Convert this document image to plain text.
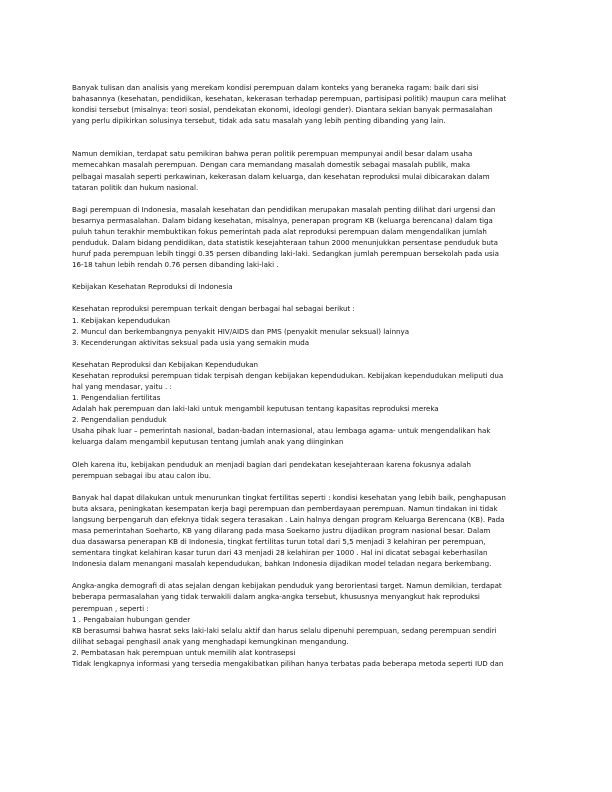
Banyak tulisan dan analisis yang merekam kondisi perempuan dalam konteks yang beraneka ragam: baik dari sisi
bahasannya (kesehatan, pendidikan, kesehatan, kekerasan terhadap perempuan, partisipasi politik) maupun cara melihat
kondisi tersebut (misalnya: teori sosial, pendekatan ekonomi, ideologi gender). Diantara sekian banyak permasalahan
yang perlu dipikirkan solusinya tersebut, tidak ada satu masalah yang lebih penting dibanding yang lain.

Namun demikian, terdapat satu pemikiran bahwa peran politik perempuan mempunyai andil besar dalam usaha
memecahkan masalah perempuan. Dengan cara memandang masalah domestik sebagai masalah publik, maka
pelbagai masalah seperti perkawinan, kekerasan dalam keluarga, dan kesehatan reproduksi mulai dibicarakan dalam
tataran politik dan hukum nasional.

Bagi perempuan di Indonesia, masalah kesehatan dan pendidikan merupakan masalah penting dilihat dari urgensi dan
besarnya permasalahan. Dalam bidang kesehatan, misalnya, penerapan program KB (keluarga berencana) dalam tiga
puluh tahun terakhir membuktikan fokus pemerintah pada alat reproduksi perempuan dalam mengendalikan jumlah
penduduk. Dalam bidang pendidikan, data statistik kesejahteraan tahun 2000 menunjukkan persentase penduduk buta
huruf pada perempuan lebih tinggi 0.35 persen dibanding laki-laki. Sedangkan jumlah perempuan bersekolah pada usia
16-18 tahun lebih rendah 0.76 persen dibanding laki-laki .

Kebijakan Kesehatan Reproduksi di Indonesia

Kesehatan reproduksi perempuan terkait dengan berbagai hal sebagai berikut :
1. Kebijakan kependudukan
2. Muncul dan berkembangnya penyakit HIV/AIDS dan PMS (penyakit menular seksual) lainnya
3. Kecenderungan aktivitas seksual pada usia yang semakin muda

Kesehatan Reproduksi dan Kebijakan Kependudukan
Kesehatan reproduksi perempuan tidak terpisah dengan kebijakan kependudukan. Kebijakan kependudukan meliputi dua
hal yang mendasar, yaitu . :
1. Pengendalian fertilitas
Adalah hak perempuan dan laki-laki untuk mengambil keputusan tentang kapasitas reproduksi mereka
2. Pengendalian penduduk
Usaha pihak luar – pemerintah nasional, badan-badan internasional, atau lembaga agama- untuk mengendalikan hak
keluarga dalam mengambil keputusan tentang jumlah anak yang diinginkan

Oleh karena itu, kebijakan penduduk an menjadi bagian dari pendekatan kesejahteraan karena fokusnya adalah
perempuan sebagai ibu atau calon ibu.

Banyak hal dapat dilakukan untuk menurunkan tingkat fertilitas seperti : kondisi kesehatan yang lebih baik, penghapusan
buta aksara, peningkatan kesempatan kerja bagi perempuan dan pemberdayaan perempuan. Namun tindakan ini tidak
langsung berpengaruh dan efeknya tidak segera terasakan . Lain halnya dengan program Keluarga Berencana (KB). Pada
masa pemerintahan Soeharto, KB yang dilarang pada masa Soekarno justru dijadikan program nasional besar. Dalam
dua dasawarsa penerapan KB di Indonesia, tingkat fertilitas turun total dari 5,5 menjadi 3 kelahiran per perempuan,
sementara tingkat kelahiran kasar turun dari 43 menjadi 28 kelahiran per 1000 . Hal ini dicatat sebagai keberhasilan
Indonesia dalam menangani masalah kependudukan, bahkan Indonesia dijadikan model teladan negara berkembang.

Angka-angka demografi di atas sejalan dengan kebijakan penduduk yang berorientasi target. Namun demikian, terdapat
beberapa permasalahan yang tidak terwakili dalam angka-angka tersebut, khususnya menyangkut hak reproduksi
perempuan , seperti :
1 . Pengabaian hubungan gender
KB berasumsi bahwa hasrat seks laki-laki selalu aktif dan harus selalu dipenuhi perempuan, sedang perempuan sendiri
dilihat sebagai penghasil anak yang menghadapi kemungkinan mengandung.
2. Pembatasan hak perempuan untuk memilih alat kontrasepsi
Tidak lengkapnya informasi yang tersedia mengakibatkan pilihan hanya terbatas pada beberapa metoda seperti IUD dan
